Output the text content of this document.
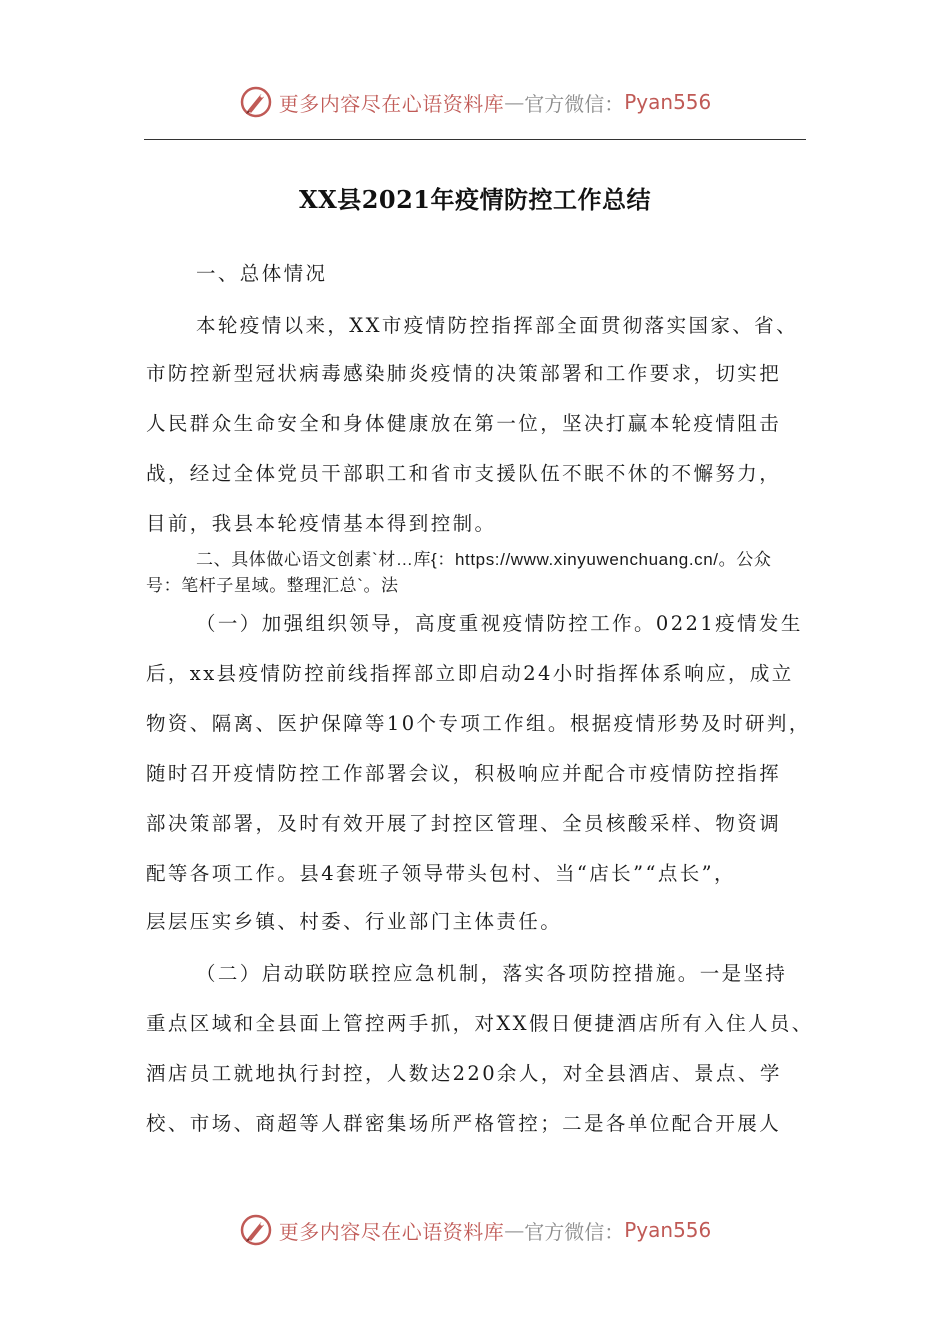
更多内容尽在心语资料库 — 官方微信： Pyan556
XX县2021年疫情防控工作总结
一、总体情况
本轮疫情以来，XX市疫情防控指挥部全面贯彻落实国家、省、
市防控新型冠状病毒感染肺炎疫情的决策部署和工作要求，切实把
人民群众生命安全和身体健康放在第一位，坚决打赢本轮疫情阻击
战，经过全体党员干部职工和省市支援队伍不眠不休的不懈努力，
目前，我县本轮疫情基本得到控制。
二、具体做心语文创素`材…库{：https://www.xinyuwenchuang.cn/。公众
号：笔杆子星域。整理汇总`。法
（一）加强组织领导，高度重视疫情防控工作。0221疫情发生
后，xx县疫情防控前线指挥部立即启动24小时指挥体系响应，成立
物资、隔离、医护保障等10个专项工作组。根据疫情形势及时研判，
随时召开疫情防控工作部署会议，积极响应并配合市疫情防控指挥
部决策部署，及时有效开展了封控区管理、全员核酸采样、物资调
配等各项工作。县4套班子领导带头包村、当“店长”“点长”，
层层压实乡镇、村委、行业部门主体责任。
（二）启动联防联控应急机制，落实各项防控措施。一是坚持
重点区域和全县面上管控两手抓，对XX假日便捷酒店所有入住人员、
酒店员工就地执行封控，人数达220余人，对全县酒店、景点、学
校、市场、商超等人群密集场所严格管控；二是各单位配合开展人
更多内容尽在心语资料库 — 官方微信： Pyan556
